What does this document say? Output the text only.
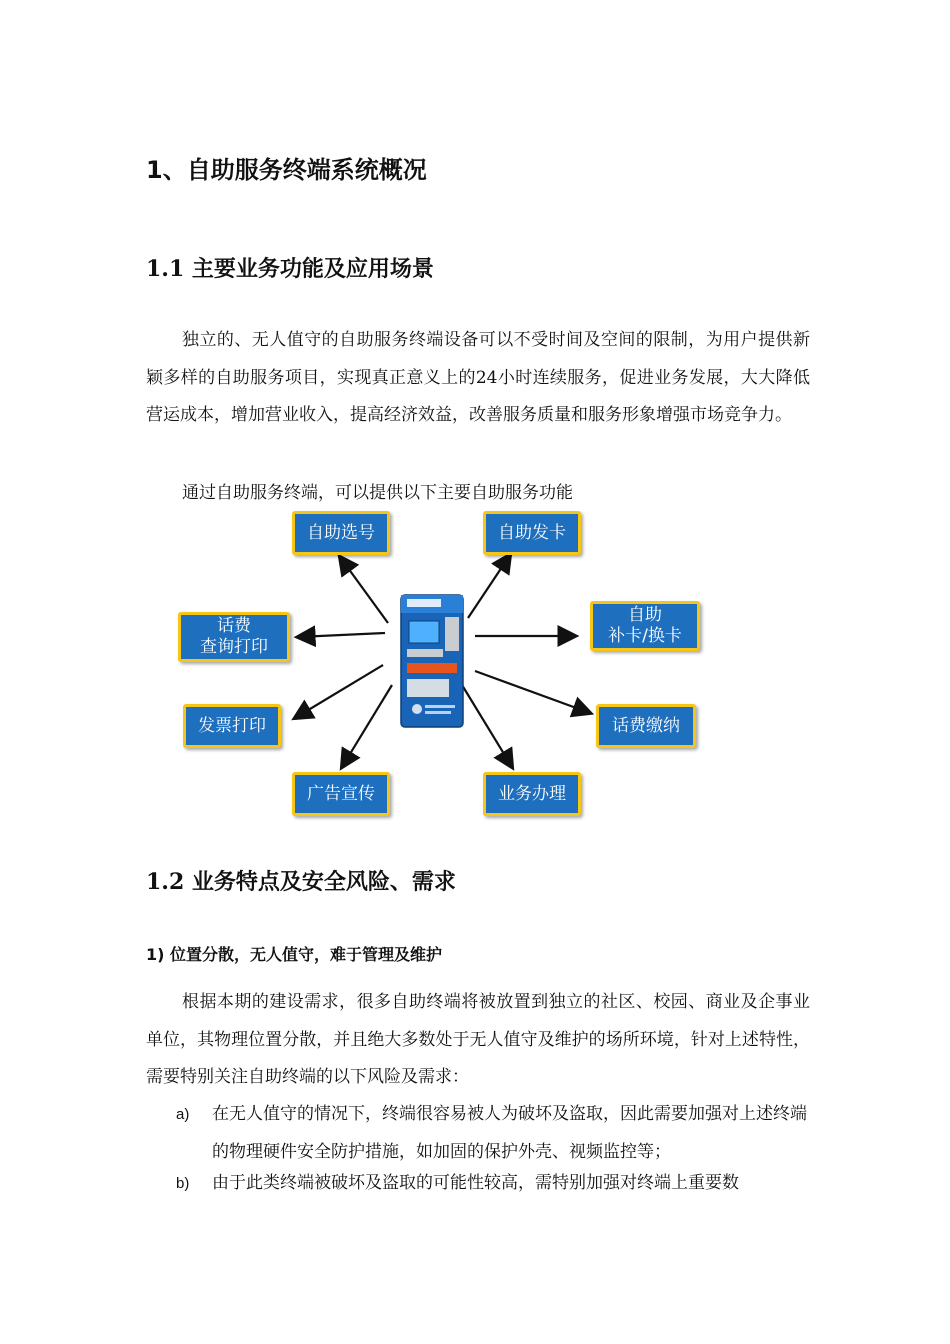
1、自助服务终端系统概况
1.1 主要业务功能及应用场景

独立的、无人值守的自助服务终端设备可以不受时间及空间的限制，为用户提供新颖多样的自助服务项目，实现真正意义上的24小时连续服务，促进业务发展，大大降低营运成本，增加营业收入，提高经济效益，改善服务质量和服务形象增强市场竞争力。

通过自助服务终端，可以提供以下主要自助服务功能
自助选号	自助发卡
话费
查询打印
自助
补卡/换卡
发票打印	话费缴纳
广告宣传	业务办理
1.2 业务特点及安全风险、需求
1) 位置分散，无人值守，难于管理及维护

根据本期的建设需求，很多自助终端将被放置到独立的社区、校园、商业及企事业单位，其物理位置分散，并且绝大多数处于无人值守及维护的场所环境，针对上述特性，需要特别关注自助终端的以下风险及需求：

a) 在无人值守的情况下，终端很容易被人为破坏及盗取，因此需要加强对上述终端的物理硬件安全防护措施，如加固的保护外壳、视频监控等；
b) 由于此类终端被破坏及盗取的可能性较高，需特别加强对终端上重要数
